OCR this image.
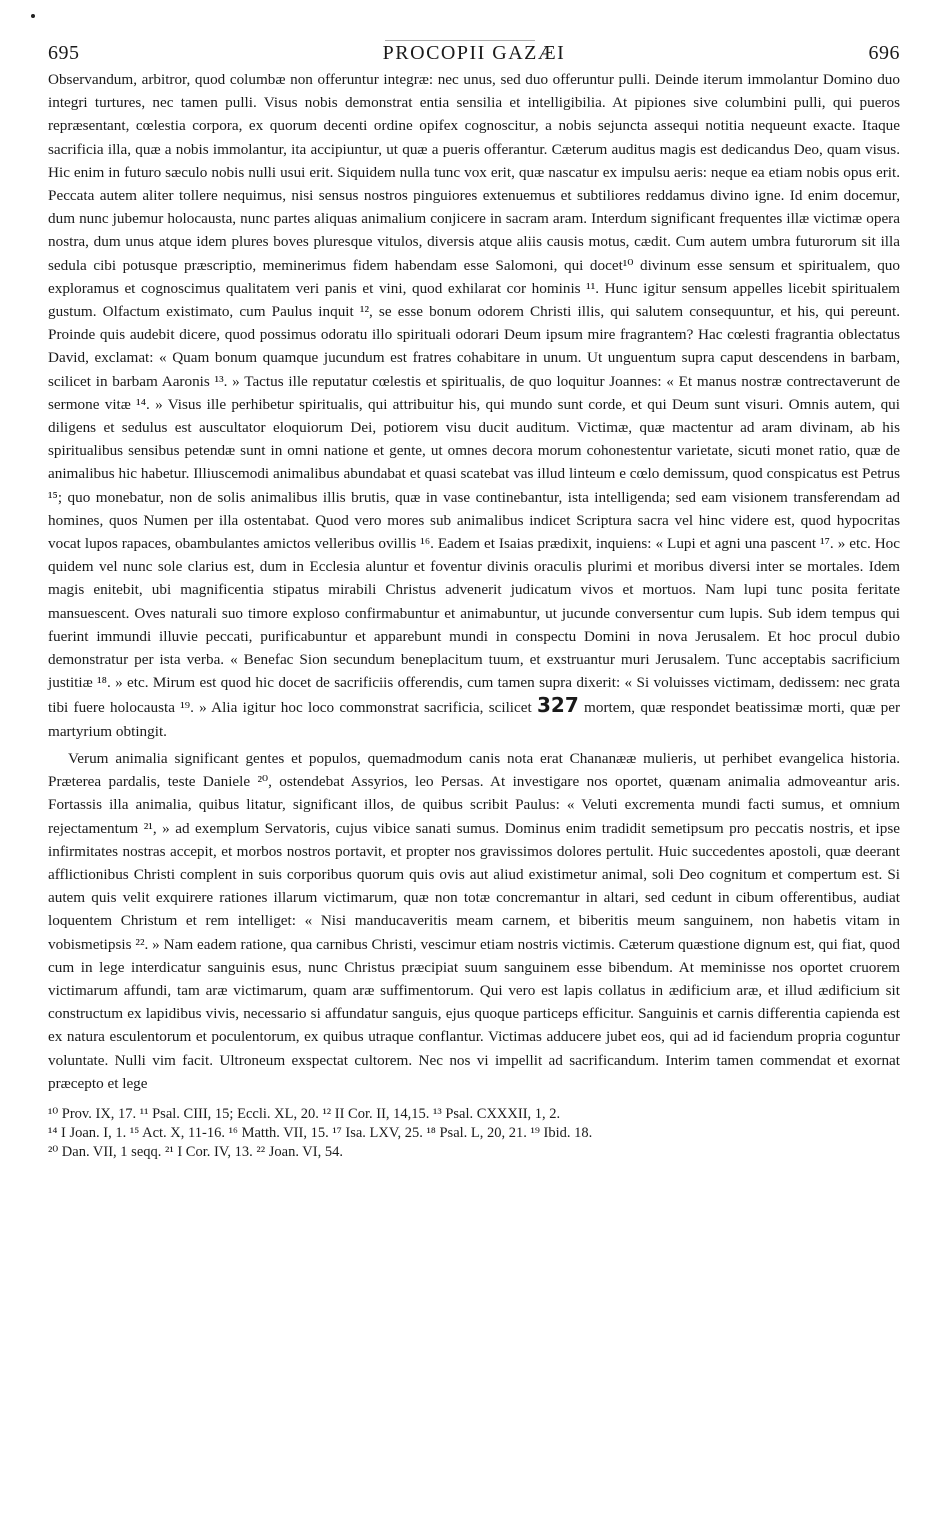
695	PROCOPII GAZÆI	696

Observandum, arbitror, quod columbæ non offeruntur integræ: nec unus, sed duo offeruntur pulli. Deinde iterum immolantur Domino duo integri turtures, nec tamen pulli. Visus nobis demonstrat entia sensilia et intelligibilia. At pipiones sive columbini pulli, qui pueros repræsentant, cœlestia corpora, ex quorum decenti ordine opifex cognoscitur, a nobis sejuncta assequi notitia nequeunt exacte. Itaque sacrificia illa, quæ a nobis immolantur, ita accipiuntur, ut quæ a pueris offerantur. Cæterum auditus magis est dedicandus Deo, quam visus. Hic enim in futuro sæculo nobis nulli usui erit. Siquidem nulla tunc vox erit, quæ nascatur ex impulsu aeris: neque ea etiam nobis opus erit. Peccata autem aliter tollere nequimus, nisi sensus nostros pinguiores extenuemus et subtiliores reddamus divino igne. Id enim docemur, dum nunc jubemur holocausta, nunc partes aliquas animalium conjicere in sacram aram. Interdum significant frequentes illæ victimæ opera nostra, dum unus atque idem plures boves pluresque vitulos, diversis atque aliis causis motus, cædit. Cum autem umbra futurorum sit illa sedula cibi potusque præscriptio, meminerimus fidem habendam esse Salomoni, qui docet¹⁰ divinum esse sensum et spiritualem, quo exploramus et cognoscimus qualitatem veri panis et vini, quod exhilarat cor hominis ¹¹. Hunc igitur sensum appelles licebit spiritualem gustum. Olfactum existimato, cum Paulus inquit ¹², se esse bonum odorem Christi illis, qui salutem consequuntur, et his, qui pereunt. Proinde quis audebit dicere, quod possimus odoratu illo spirituali odorari Deum ipsum mire fragrantem? Hac cœlesti fragrantia oblectatus David, exclamat: « Quam bonum quamque jucundum est fratres cohabitare in unum. Ut unguentum supra caput descendens in barbam, scilicet in barbam Aaronis ¹³. » Tactus ille reputatur cœlestis et spiritualis, de quo loquitur Joannes: « Et manus nostræ contrectaverunt de sermone vitæ ¹⁴. » Visus ille perhibetur spiritualis, qui attribuitur his, qui mundo sunt corde, et qui Deum sunt visuri. Omnis autem, qui diligens et sedulus est auscultator eloquiorum Dei, potiorem visu ducit auditum. Victimæ, quæ mactentur ad aram divinam, ab his spiritualibus sensibus petendæ sunt in omni natione et gente, ut omnes decora morum cohonestentur varietate, sicuti monet ratio, quæ de animalibus hic habetur. Illiuscemodi animalibus abundabat et quasi scatebat vas illud linteum e cœlo demissum, quod conspicatus est Petrus ¹⁵; quo monebatur, non de solis animalibus illis brutis, quæ in vase continebantur, ista intelligenda; sed eam visionem transferendam ad homines, quos Numen per illa ostentabat. Quod vero mores sub animalibus indicet Scriptura sacra vel hinc videre est, quod hypocritas vocat lupos rapaces, obambulantes amictos velleribus ovillis ¹⁶. Eadem et Isaias prædixit, inquiens: « Lupi et agni una pascent ¹⁷. » etc. Hoc quidem vel nunc sole clarius est, dum in Ecclesia aluntur et foventur divinis oraculis plurimi et moribus diversi inter se mortales. Idem magis enitebit, ubi magnificentia stipatus mirabili Christus advenerit judicatum vivos et mortuos. Nam lupi tunc posita feritate mansuescent. Oves naturali suo timore exploso confirmabuntur et animabuntur, ut jucunde conversentur cum lupis. Sub idem tempus qui fuerint immundi illuvie peccati, purificabuntur et apparebunt mundi in conspectu Domini in nova Jerusalem. Et hoc procul dubio demonstratur per ista verba. « Benefac Sion secundum beneplacitum tuum, et exstruantur muri Jerusalem. Tunc acceptabis sacrificium justitiæ ¹⁸. » etc. Mirum est quod hic docet de sacrificiis offerendis, cum tamen supra dixerit: « Si voluisses victimam, dedissem: nec grata tibi fuere holocausta ¹⁹. » Alia igitur hoc loco commonstrat sacrificia, scilicet 327 mortem, quæ respondet beatissimæ morti, quæ per martyrium obtingit.

Verum animalia significant gentes et populos, quemadmodum canis nota erat Chananææ mulieris, ut perhibet evangelica historia. Præterea pardalis, teste Daniele ²⁰, ostendebat Assyrios, leo Persas. At investigare nos oportet, quænam animalia admoveantur aris. Fortassis illa animalia, quibus litatur, significant illos, de quibus scribit Paulus: « Veluti excrementa mundi facti sumus, et omnium rejectamentum ²¹, » ad exemplum Servatoris, cujus vibice sanati sumus. Dominus enim tradidit semetipsum pro peccatis nostris, et ipse infirmitates nostras accepit, et morbos nostros portavit, et propter nos gravissimos dolores pertulit. Huic succedentes apostoli, quæ deerant afflictionibus Christi complent in suis corporibus quorum quis ovis aut aliud existimetur animal, soli Deo cognitum et compertum est. Si autem quis velit exquirere rationes illarum victimarum, quæ non totæ concremantur in altari, sed cedunt in cibum offerentibus, audiat loquentem Christum et rem intelliget: « Nisi manducaveritis meam carnem, et biberitis meum sanguinem, non habetis vitam in vobismetipsis ²². » Nam eadem ratione, qua carnibus Christi, vescimur etiam nostris victimis. Cæterum quæstione dignum est, qui fiat, quod cum in lege interdicatur sanguinis esus, nunc Christus præcipiat suum sanguinem esse bibendum. At meminisse nos oportet cruorem victimarum affundi, tam aræ victimarum, quam aræ suffimentorum. Qui vero est lapis collatus in ædificium aræ, et illud ædificium sit constructum ex lapidibus vivis, necessario si affundatur sanguis, ejus quoque particeps efficitur. Sanguinis et carnis differentia capienda est ex natura esculentorum et poculentorum, ex quibus utraque conflantur. Victimas adducere jubet eos, qui ad id faciendum propria coguntur voluntate. Nulli vim facit. Ultroneum exspectat cultorem. Nec nos vi impellit ad sacrificandum. Interim tamen commendat et exornat præcepto et lege

¹⁰ Prov. IX, 17. ¹¹ Psal. CIII, 15; Eccli. XL, 20. ¹² II Cor. II, 14,15. ¹³ Psal. CXXXII, 1, 2.
¹⁴ I Joan. I, 1. ¹⁵ Act. X, 11-16. ¹⁶ Matth. VII, 15. ¹⁷ Isa. LXV, 25. ¹⁸ Psal. L, 20, 21. ¹⁹ Ibid. 18.
²⁰ Dan. VII, 1 seqq. ²¹ I Cor. IV, 13. ²² Joan. VI, 54.
